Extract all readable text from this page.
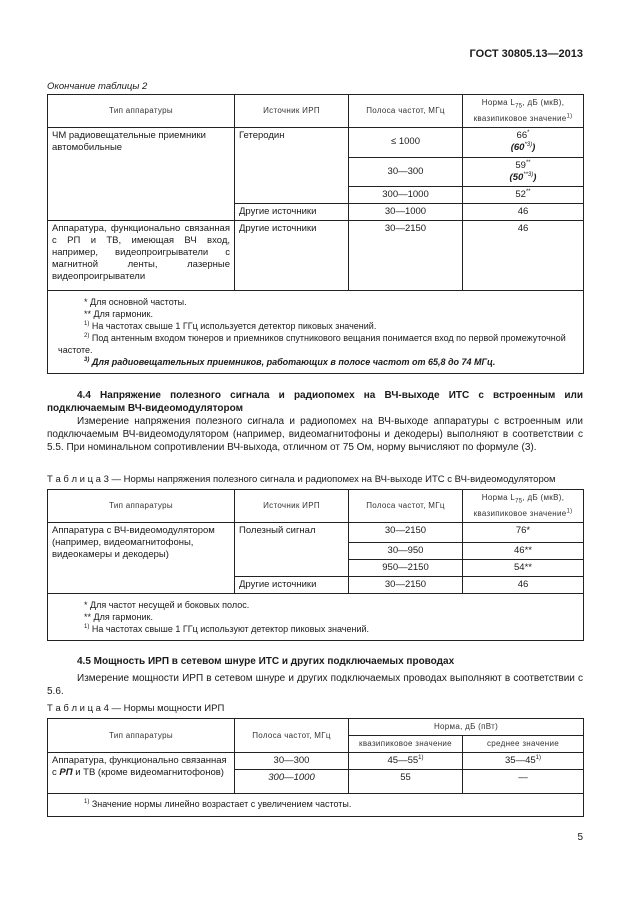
ГОСТ 30805.13—2013
Окончание таблицы 2
Тип аппаратуры	Источник ИРП	Полоса частот, МГц	Норма $L_{75}$, дБ (мкВ),
квазипиковое значение$^{1)}$
ЧМ радиовещательные приемники автомобильные	Гетеродин	≤ 1000	66*
(60$^{*3)}$)
		30—300	59**
(50$^{**3)}$)
		300—1000	52**
	Другие источники	30—1000	46
Аппаратура, функционально связанная с РП и ТВ, имеющая ВЧ вход, например, видеопроигрыватели с магнитной ленты, лазерные видеопроигрыватели	Другие источники	30—2150	46

* Для основной частоты.
** Для гармоник.
$^{1)}$ На частотах свыше 1 ГГц используется детектор пиковых значений.
$^{2)}$ Под антенным входом тюнеров и приемников спутникового вещания понимается вход по первой промежуточной частоте.
$^{3)}$ Для радиовещательных приемников, работающих в полосе частот от 65,8 до 74 МГц.			
4.4 Напряжение полезного сигнала и радиопомех на ВЧ-выходе ИТС с встроенным или подключаемым ВЧ-видеомодулятором
Измерение напряжения полезного сигнала и радиопомех на ВЧ-выходе аппаратуры с встроенным или подключаемым ВЧ-видеомодулятором (например, видеомагнитофоны и декодеры) выполняют в соответствии с 5.5. При номинальном сопротивлении ВЧ-выхода, отличном от 75 Ом, норму вычисляют по формуле (3).
Т а б л и ц а 3 — Нормы напряжения полезного сигнала и радиопомех на ВЧ-выходе ИТС с ВЧ-видеомодулятором
Тип аппаратуры	Источник ИРП	Полоса частот, МГц	Норма $L_{75}$, дБ (мкВ),
квазипиковое значение$^{1)}$
Аппаратура с ВЧ-видеомодулятором (например, видеомагнитофоны, видеокамеры и декодеры)	Полезный сигнал	30—2150	76*
		30—950	46**
		950—2150	54**
	Другие источники	30—2150	46

* Для частот несущей и боковых полос.
** Для гармоник.
$^{1)}$ На частотах свыше 1 ГГц используют детектор пиковых значений.			
4.5 Мощность ИРП в сетевом шнуре ИТС и других подключаемых проводах
Измерение мощности ИРП в сетевом шнуре и других подключаемых проводах выполняют в соответствии с 5.6.
Т а б л и ц а 4 — Нормы мощности ИРП
Тип аппаратуры	Полоса частот, МГц	Норма, дБ (пВт)	
		квазипиковое значение	среднее значение
Аппаратура, функционально связанная с РП и ТВ (кроме видеомагнитофонов)	30—300	45—55$^{1)}$	35—45$^{1)}$
	300—1000	55	—
$^{1)}$ Значение нормы линейно возрастает с увеличением частоты.			
5
